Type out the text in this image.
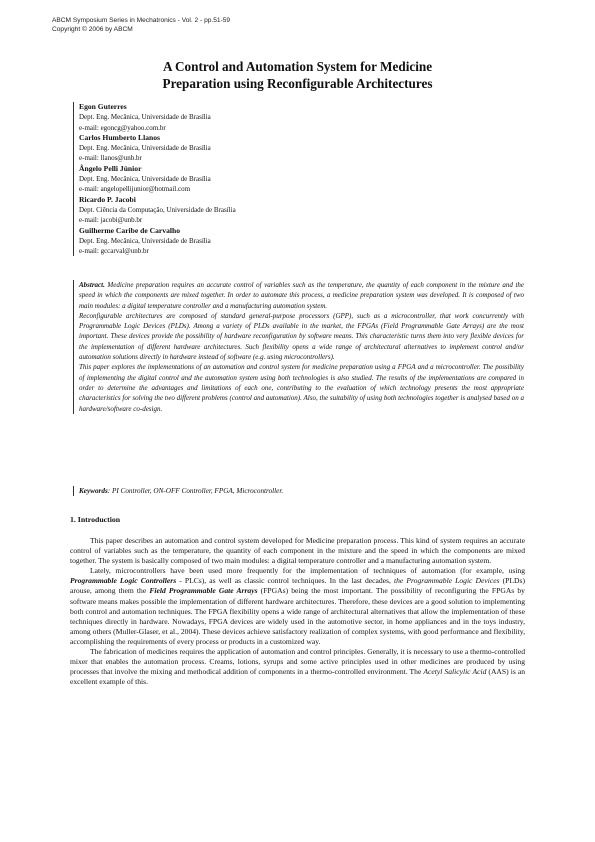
ABCM Symposium Series in Mechatronics - Vol. 2 - pp.51-59
Copyright © 2006 by ABCM
A Control and Automation System for Medicine
Preparation using Reconfigurable Architectures
Egon Guterres
Dept. Eng. Mecânica, Universidade de Brasília
e-mail: egoncg@yahoo.com.br
Carlos Humberto Llanos
Dept. Eng. Mecânica, Universidade de Brasília
e-mail: llanos@unb.br
Ângelo Pelli Júnior
Dept. Eng. Mecânica, Universidade de Brasília
e-mail: angelopellijunior@hotmail.com
Ricardo P. Jacobi
Dept. Ciência da Computação, Universidade de Brasília
e-mail: jacobi@unb.br
Guilherme Caribe de Carvalho
Dept. Eng. Mecânica, Universidade de Brasília
e-mail: gccarval@unb.br

Abstract. Medicine preparation requires an accurate control of variables such as the temperature, the quantity of each component in the mixture and the speed in which the components are mixed together. In order to automate this process, a medicine preparation system was developed. It is composed of two main modules: a digital temperature controller and a manufacturing automation system.

Reconfigurable architectures are composed of standard general-purpose processors (GPP), such as a microcontroller, that work concurrently with Programmable Logic Devices (PLDs). Among a variety of PLDs available in the market, the FPGAs (Field Programmable Gate Arrays) are the most important. These devices provide the possibility of hardware reconfiguration by software means. This characteristic turns them into very flexible devices for the implementation of different hardware architectures. Such flexibility opens a wide range of architectural alternatives to implement control and/or automation solutions directly in hardware instead of software (e.g. using microcontrollers).

This paper explores the implementations of an automation and control system for medicine preparation using a FPGA and a microcontroller. The possibility of implementing the digital control and the automation system using both technologies is also studied. The results of the implementations are compared in order to determine the advantages and limitations of each one, contributing to the evaluation of which technology presents the most appropriate characteristics for solving the two different problems (control and automation). Also, the suitability of using both technologies together is analysed based on a hardware/software co-design.

Keywords: PI Controller, ON-OFF Controller, FPGA, Microcontroller.
1. Introduction

This paper describes an automation and control system developed for Medicine preparation process. This kind of system requires an accurate control of variables such as the temperature, the quantity of each component in the mixture and the speed in which the components are mixed together. The system is basically composed of two main modules: a digital temperature controller and a manufacturing automation system.

Lately, microcontrollers have been used more frequently for the implementation of techniques of automation (for example, using Programmable Logic Controllers - PLCs), as well as classic control techniques. In the last decades, the Programmable Logic Devices (PLDs) arouse, among them the Field Programmable Gate Arrays (FPGAs) being the most important. The possibility of reconfiguring the FPGAs by software means makes possible the implementation of different hardware architectures. Therefore, these devices are a good solution to implementing both control and automation techniques. The FPGA flexibility opens a wide range of architectural alternatives that allow the implementation of these techniques directly in hardware. Nowadays, FPGA devices are widely used in the automotive sector, in home appliances and in the toys industry, among others (Muller-Glaser, et al., 2004). These devices achieve satisfactory realization of complex systems, with good performance and flexibility, accomplishing the requirements of every process or products in a customized way.

The fabrication of medicines requires the application of automation and control principles. Generally, it is necessary to use a thermo-controlled mixer that enables the automation process. Creams, lotions, syrups and some active principles used in other medicines are produced by using processes that involve the mixing and methodical addition of components in a thermo-controlled environment. The Acetyl Salicylic Acid (AAS) is an excellent example of this.
